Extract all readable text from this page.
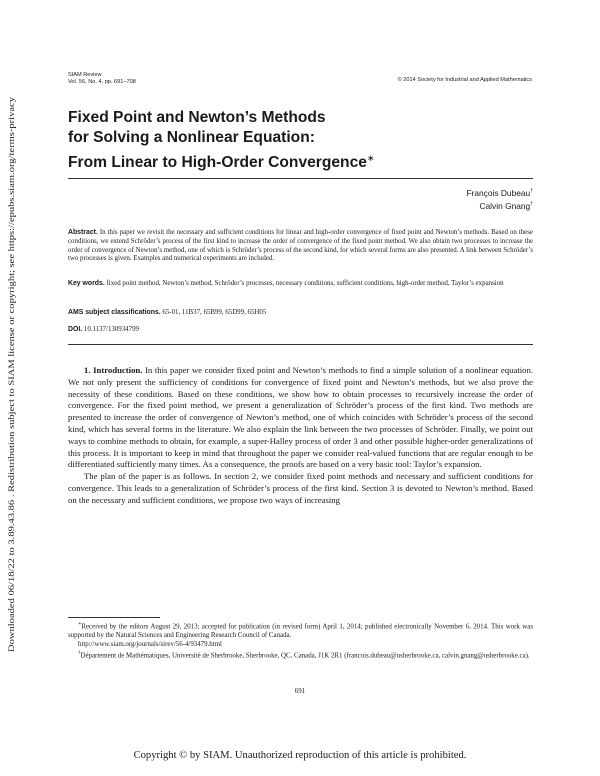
Downloaded 06/18/22 to 3.89.43.86 . Redistribution subject to SIAM license or copyright; see https://epubs.siam.org/terms-privacy
SIAM Review
Vol. 56, No. 4, pp. 691–708	© 2014 Society for Industrial and Applied Mathematics
Fixed Point and Newton’s Methods
for Solving a Nonlinear Equation:
From Linear to High-Order Convergence∗
François Dubeau†
Calvin Gnang†
Abstract. In this paper we revisit the necessary and sufficient conditions for linear and high-order convergence of fixed point and Newton’s methods. Based on these conditions, we extend Schröder’s process of the first kind to increase the order of convergence of the fixed point method. We also obtain two processes to increase the order of convergence of Newton’s method, one of which is Schröder’s process of the second kind, for which several forms are also presented. A link between Schröder’s two processes is given. Examples and numerical experiments are included.
Key words. fixed point method, Newton’s method, Schröder’s processes, necessary conditions, sufficient conditions, high-order method, Taylor’s expansion
AMS subject classifications. 65-01, 11B37, 65B99, 65D99, 65H05
DOI. 10.1137/130934799

1. Introduction. In this paper we consider fixed point and Newton’s methods to find a simple solution of a nonlinear equation. We not only present the sufficiency of conditions for convergence of fixed point and Newton’s methods, but we also prove the necessity of these conditions. Based on these conditions, we show how to obtain processes to recursively increase the order of convergence. For the fixed point method, we present a generalization of Schröder’s process of the first kind. Two methods are presented to increase the order of convergence of Newton’s method, one of which coincides with Schröder’s process of the second kind, which has several forms in the literature. We also explain the link between the two processes of Schröder. Finally, we point out ways to combine methods to obtain, for example, a super-Halley process of order 3 and other possible higher-order generalizations of this process. It is important to keep in mind that throughout the paper we consider real-valued functions that are regular enough to be differentiated sufficiently many times. As a consequence, the proofs are based on a very basic tool: Taylor’s expansion.

The plan of the paper is as follows. In section 2, we consider fixed point methods and necessary and sufficient conditions for convergence. This leads to a generalization of Schröder’s process of the first kind. Section 3 is devoted to Newton’s method. Based on the necessary and sufficient conditions, we propose two ways of increasing

∗Received by the editors August 29, 2013; accepted for publication (in revised form) April 1, 2014; published electronically November 6, 2014. This work was supported by the Natural Sciences and Engineering Research Council of Canada.

http://www.siam.org/journals/sirev/56-4/93479.html

†Département de Mathématiques, Université de Sherbrooke, Sherbrooke, QC, Canada, J1K 2R1 (francois.dubeau@usherbrooke.ca, calvin.gnang@usherbrooke.ca).

691
Copyright © by SIAM. Unauthorized reproduction of this article is prohibited.
